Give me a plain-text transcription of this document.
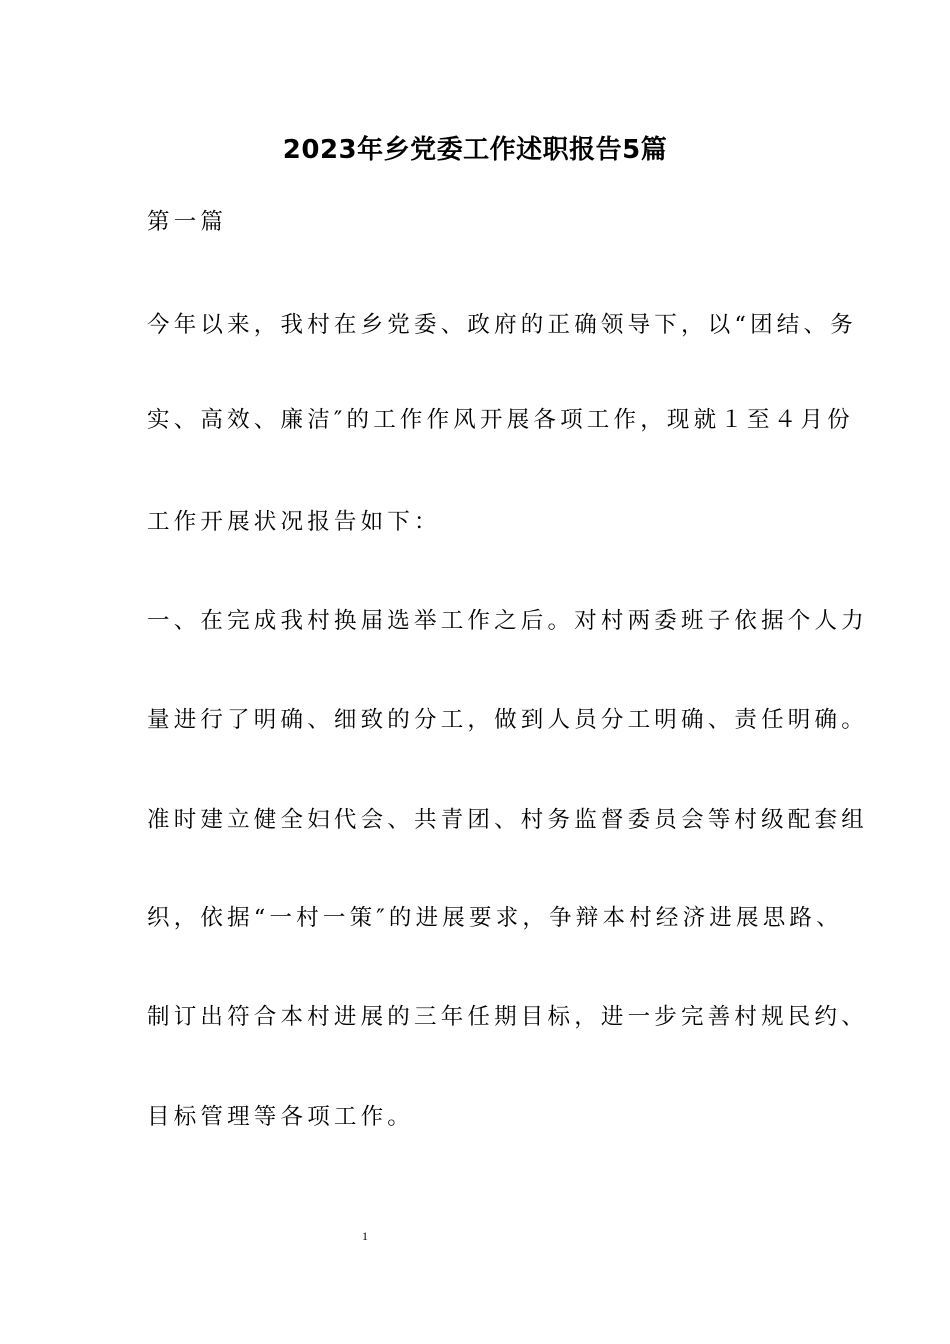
2023年乡党委工作述职报告5篇
第一篇
今年以来，我村在乡党委、政府的正确领导下，以“团结、务
实、高效、廉洁″的工作作风开展各项工作，现就１至４月份
工作开展状况报告如下：
一、在完成我村换届选举工作之后。对村两委班子依据个人力
量进行了明确、细致的分工，做到人员分工明确、责任明确。
准时建立健全妇代会、共青团、村务监督委员会等村级配套组
织，依据“一村一策″的进展要求，争辩本村经济进展思路、
制订出符合本村进展的三年任期目标，进一步完善村规民约、
目标管理等各项工作。
1
